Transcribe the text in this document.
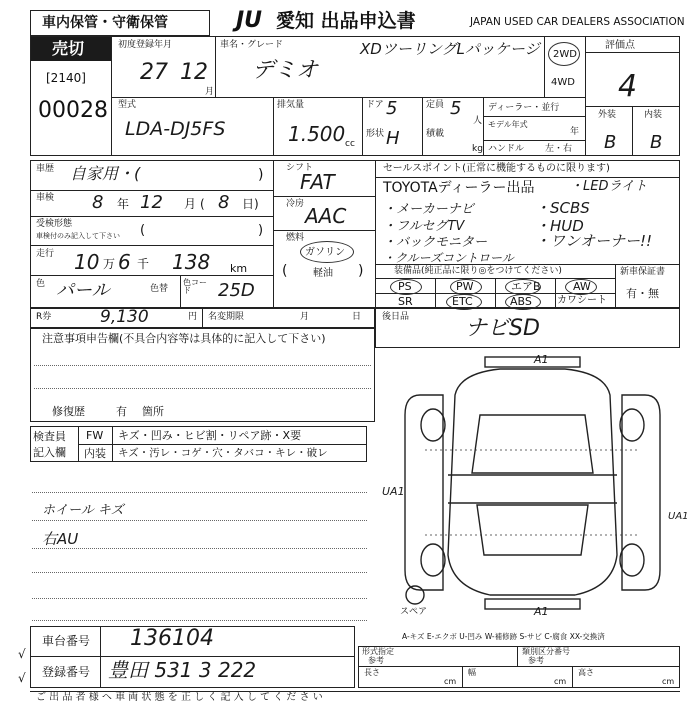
車内保管・守衛保管	JU 愛知 出品申込書	JAPAN USED CAR DEALERS ASSOCIATION
売切
[2140]
00028
初度登録年月
27 12
月
車名・グレード
デミオ
XDツーリングLパッケージ 2WD
4WD
評価点
4
外装	内装
B B
型式
LDA-DJ5FS
排気量
1.500 cc
ドア 5
形状 H
定員 5
人
積載
kg
ディーラー・並行
モデル年式
年
ハンドル 左・右
車歴 自家用・(	)
車検 8 年 12 月 ( 8 日)
受検形態
車検付のみ記入して下さい (	)
走行 10 万 6 千 138 km
色 パール	色替
色コード	25D
シフト
FAT
冷房 AAC
燃料
(
ガソリン
軽油 )
セールスポイント(正常に機能するものに限ります)
TOYOTAディーラー出品	・LEDライト
・メーカーナビ	・SCBS
・フルセグTV	・HUD
・バックモニター	・ワンオーナー!!
・クルーズコントロール
装備品(純正品に限り◎をつけてください)
PS	PW	エアB	AW
SR	ETC	ABS	カワシート
新車保証書
有・無
R券	9,130	円 名変期限	月	日
注意事項申告欄(不具合内容等は具体的に記入して下さい)
修復歴	有 箇所
後日品	ナビSD
検査員
記入欄
FW キズ・凹み・ヒビ割・リペア跡・X要
内装 キズ・汚レ・コゲ・穴・タバコ・キレ・破レ
ホイール キズ
右AU
A1
UA1
UA1
A1
スペア
A-キズ E-エクボ U-凹み W-補修跡 S-サビ C-腐食 XX-交換済
車台番号 136104
登録番号 豊田 531 3 222
√
√
形式指定
参考
類別区分番号
参考
長さ
cm
幅
cm
高さ
cm
ご 出 品 者 様 へ 車 両 状 態 を 正 し く 記 入 し て く だ さ い
